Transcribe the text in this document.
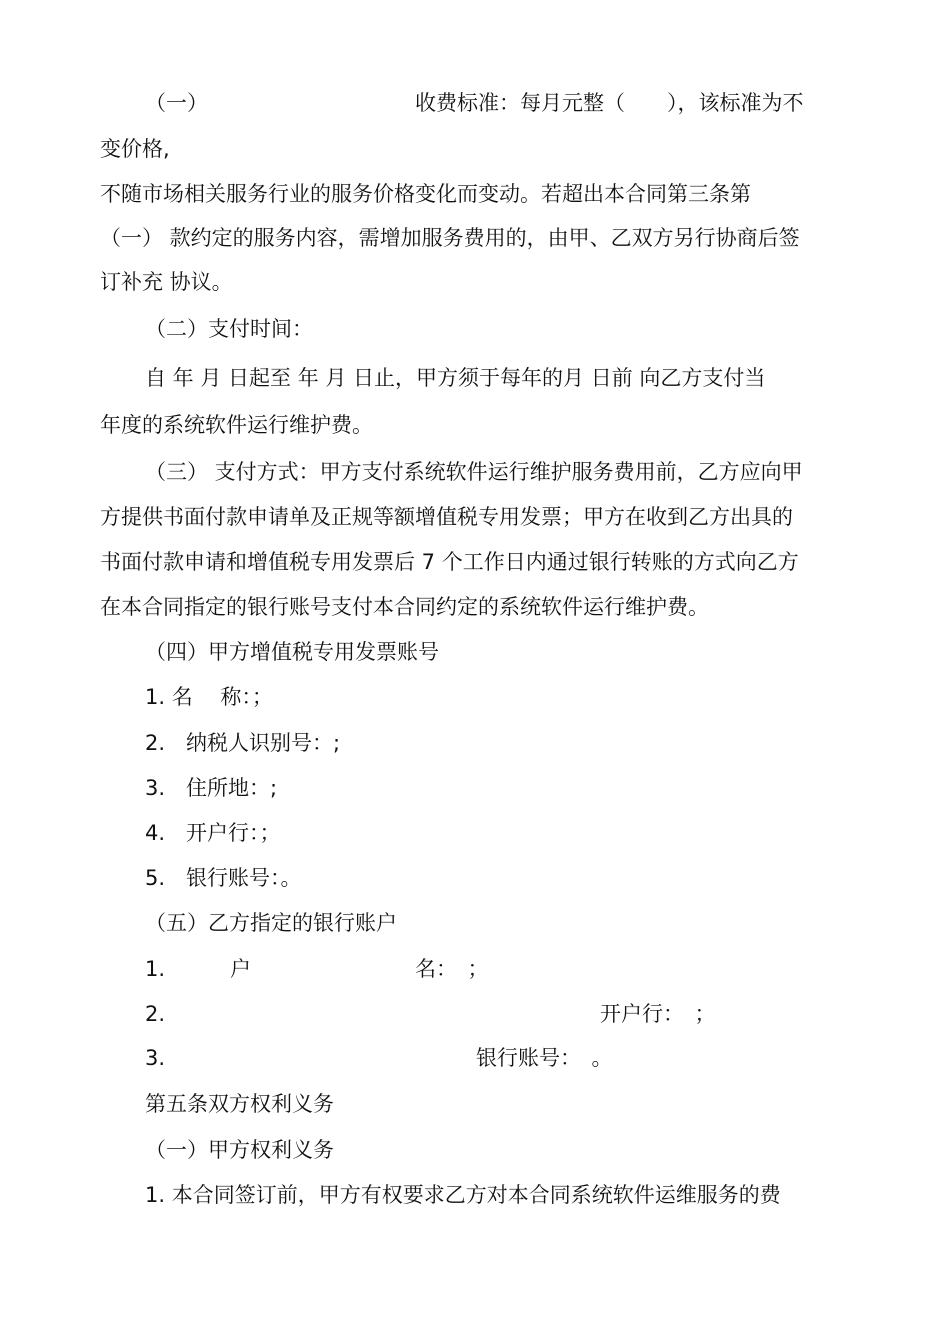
（一）	收费标准：每月元整（　　），该标准为不
变价格,
不随市场相关服务行业的服务价格变化而变动。若超出本合同第三条第
（一） 款约定的服务内容，需增加服务费用的，由甲、乙双方另行协商后签
订补充 协议。
（二）支付时间：
自 年 月 日起至 年 月 日止，甲方须于每年的月 日前 向乙方支付当
年度的系统软件运行维护费。
（三） 支付方式：甲方支付系统软件运行维护服务费用前，乙方应向甲
方提供书面付款申请单及正规等额增值税专用发票；甲方在收到乙方出具的
书面付款申请和增值税专用发票后 7 个工作日内通过银行转账的方式向乙方
在本合同指定的银行账号支付本合同约定的系统软件运行维护费。
（四）甲方增值税专用发票账号
1. 名　 称：；
2.　纳税人识别号：;
3.　住所地：;
4.　开户行：；
5.　银行账号：。
（五）乙方指定的银行账户
1.	户	名：　；
2.	开户行：　；
3.	银行账号：　。
第五条双方权利义务
（一）甲方权利义务
1. 本合同签订前，甲方有权要求乙方对本合同系统软件运维服务的费
